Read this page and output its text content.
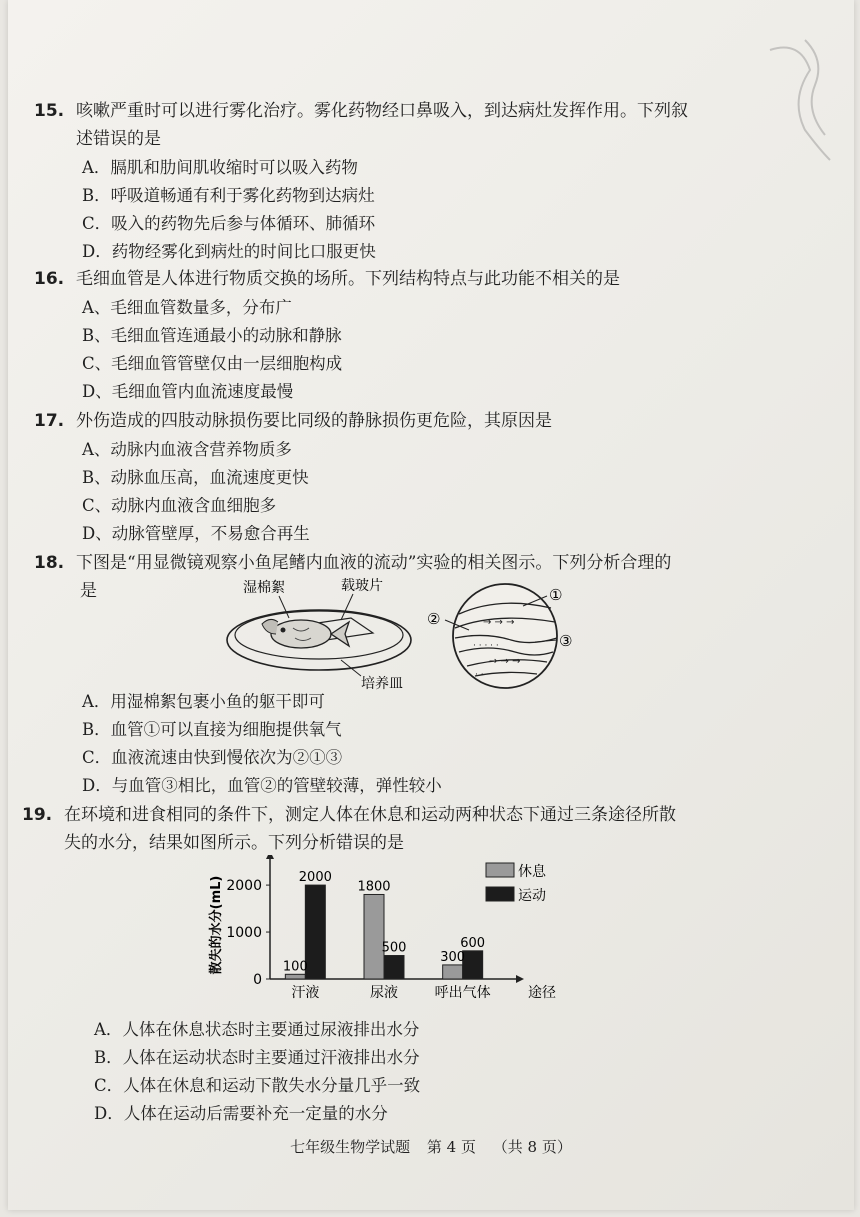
15. 咳嗽严重时可以进行雾化治疗。雾化药物经口鼻吸入，到达病灶发挥作用。下列叙
述错误的是
A．膈肌和肋间肌收缩时可以吸入药物
B．呼吸道畅通有利于雾化药物到达病灶
C．吸入的药物先后参与体循环、肺循环
D．药物经雾化到病灶的时间比口服更快
16. 毛细血管是人体进行物质交换的场所。下列结构特点与此功能不相关的是
A、毛细血管数量多，分布广
B、毛细血管连通最小的动脉和静脉
C、毛细血管管壁仅由一层细胞构成
D、毛细血管内血流速度最慢
17. 外伤造成的四肢动脉损伤要比同级的静脉损伤更危险，其原因是
A、动脉内血液含营养物质多
B、动脉血压高，血流速度更快
C、动脉内血液含血细胞多
D、动脉管壁厚，不易愈合再生
18. 下图是“用显微镜观察小鱼尾鳍内血液的流动”实验的相关图示。下列分析合理的
是	湿棉絮	载玻片
培养皿
→ → →
· · · · ·
→ → →
· · ·
①
②
③
A．用湿棉絮包裹小鱼的躯干即可
B．血管①可以直接为细胞提供氧气
C．血液流速由快到慢依次为②①③
D．与血管③相比，血管②的管壁较薄，弹性较小
19. 在环境和进食相同的条件下，测定人体在休息和运动两种状态下通过三条途径所散
失的水分，结果如图所示。下列分析错误的是
0
1000
2000
散失的水分(mL)
途径
100
2000
汗液
1800
500
尿液
300
600
呼出气体
休息
运动
A．人体在休息状态时主要通过尿液排出水分
B．人体在运动状态时主要通过汗液排出水分
C．人体在休息和运动下散失水分量几乎一致
D．人体在运动后需要补充一定量的水分
七年级生物学试题 第 4 页 （共 8 页）
